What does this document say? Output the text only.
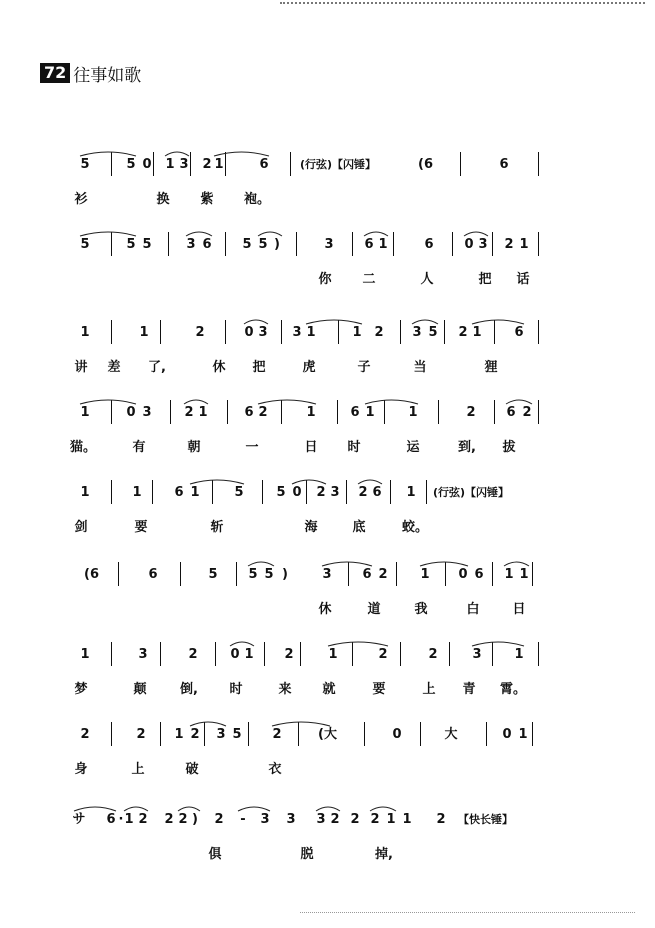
72 往事如歌
5	5 0 1 3 2 1	6	(行弦)【闪锤】	(6	6
衫	换	紫	袍。
5	5 5	3 6 5 5 )	3 6 1	6 0 3 2 1
你	二	人	把	话
1	1	2	0 3 3 1	1 2 3 5 2 1	6
讲	差	了,	休	把	虎	子	当	狸
1	0 3	2 1	6 2	1	6 1	1	2 6 2
猫。	有	朝	一	日	时	运	到,	拔
1	1	6 1	5	5 0 2 3 2 6 1 (行弦)【闪锤】
剑	要	斩	海	底	蛟。
(6	6	5 5 5 )	3 6 2	1 0 6 1 1
休	道	我	白	日
1	3	2	0 1 2	1	2	2	3	1
梦	颠	倒,	时	来	就	要	上	青	霄。
2	2 1 2 3 5 2	(大	0	大	0 1
身	上	破	衣
サ 6 · 1 2 2 2 )	2	-	3 3 3 2 2 2 1 1 2 【快长锤】
俱	脱	掉,
